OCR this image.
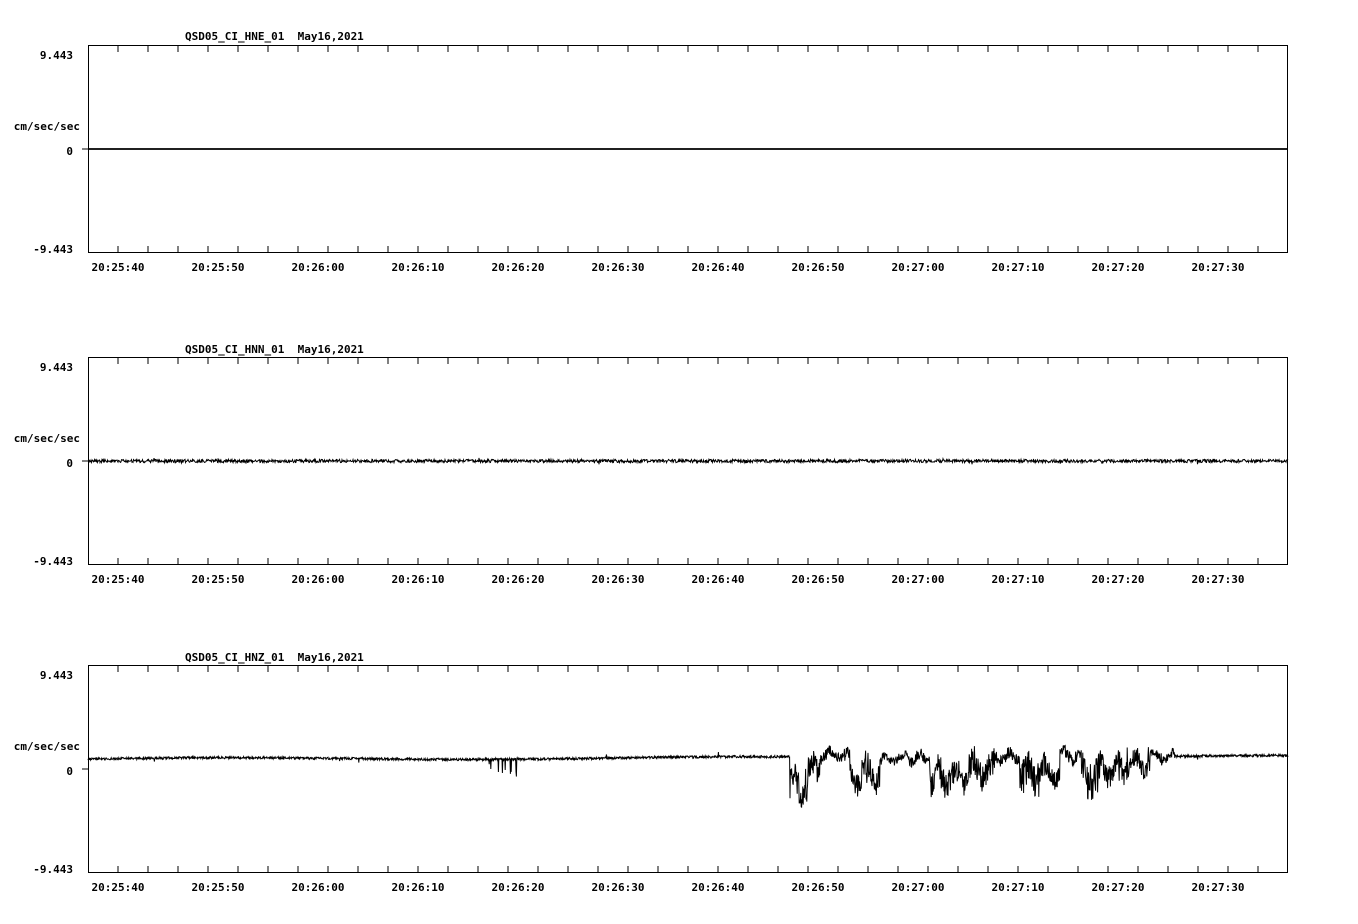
QSD05_CI_HNE_01  May16,2021
cm/sec/sec
9.443
0
-9.443
20:25:40	20:25:50	20:26:00	20:26:10	20:26:20	20:26:30	20:26:40	20:26:50	20:27:00	20:27:10	20:27:20	20:27:30
QSD05_CI_HNN_01  May16,2021
cm/sec/sec
9.443
0
-9.443
20:25:40	20:25:50	20:26:00	20:26:10	20:26:20	20:26:30	20:26:40	20:26:50	20:27:00	20:27:10	20:27:20	20:27:30
QSD05_CI_HNZ_01  May16,2021
cm/sec/sec
9.443
0
-9.443
20:25:40	20:25:50	20:26:00	20:26:10	20:26:20	20:26:30	20:26:40	20:26:50	20:27:00	20:27:10	20:27:20	20:27:30
